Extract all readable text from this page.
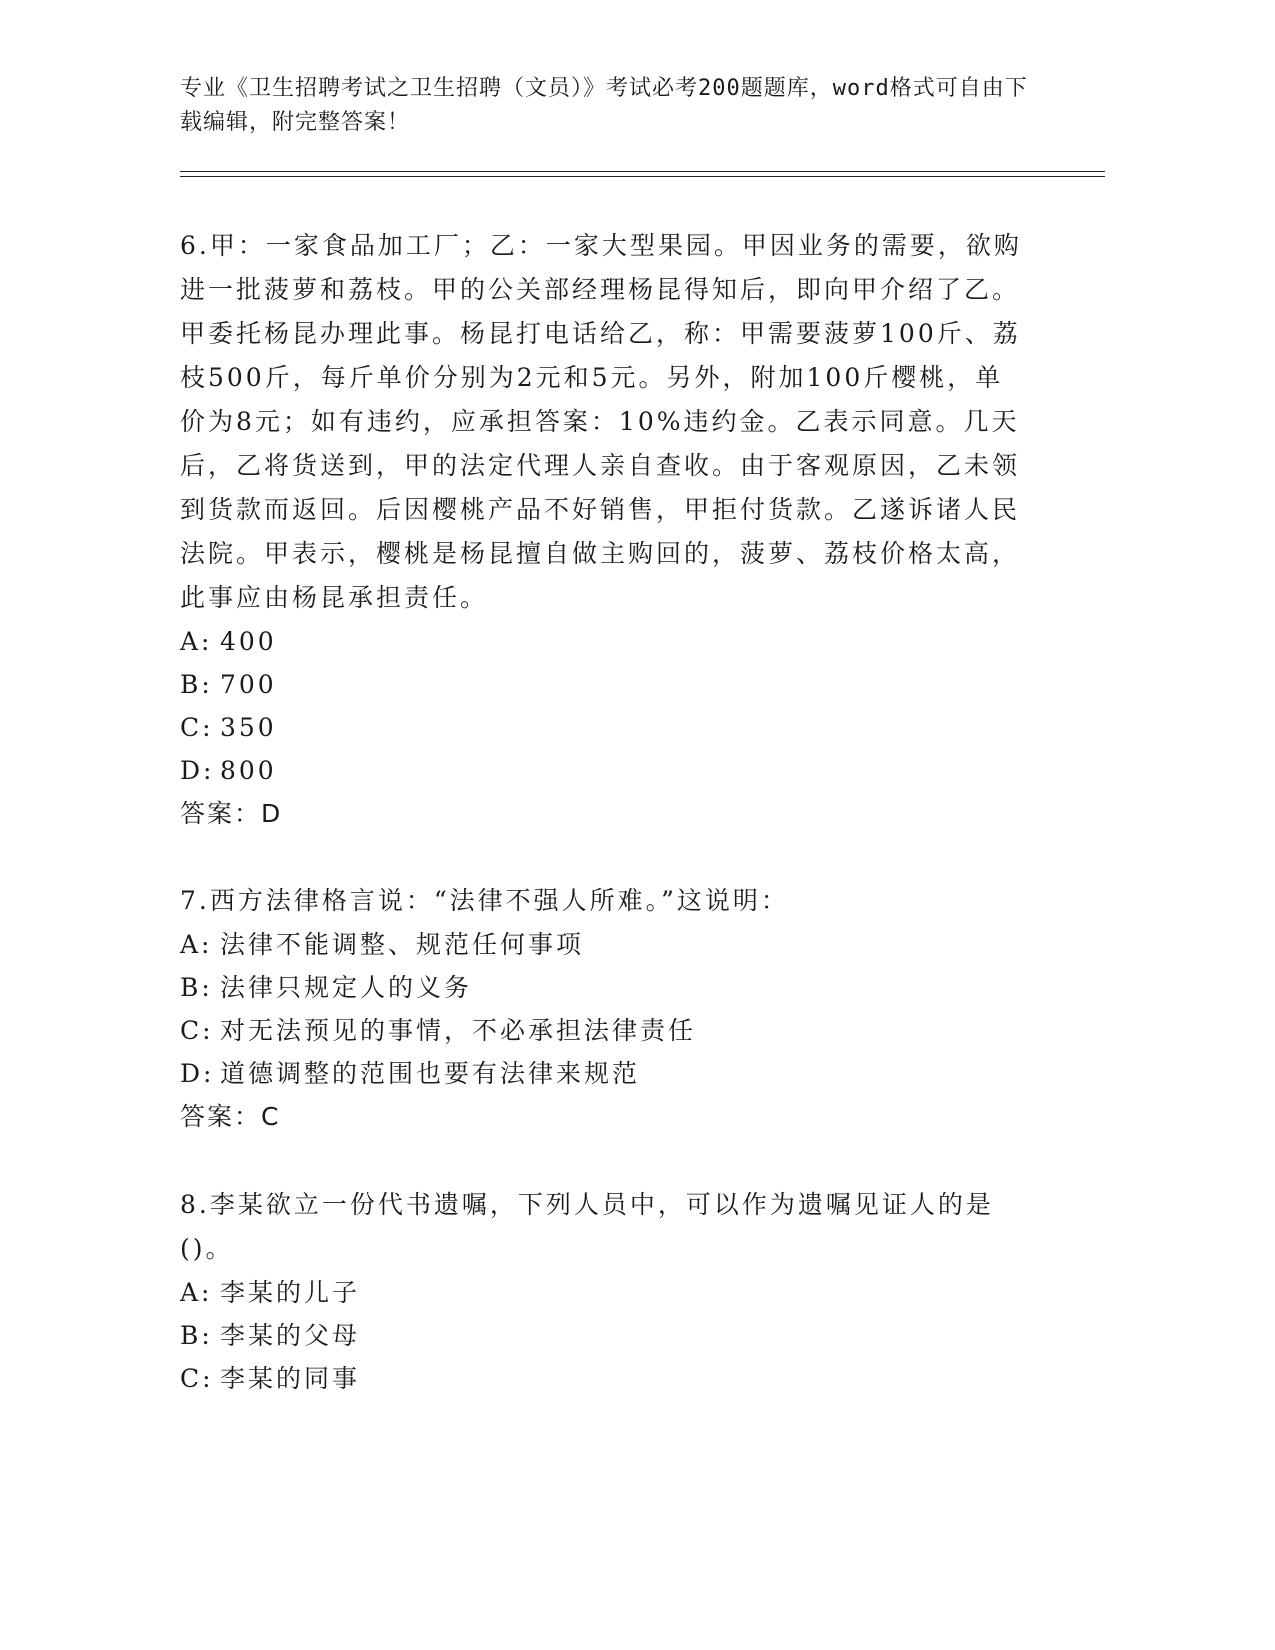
专业《卫生招聘考试之卫生招聘（文员）》考试必考200题题库，word格式可自由下载编辑，附完整答案！

6.甲：一家食品加工厂；乙：一家大型果园。甲因业务的需要，欲购进一批菠萝和荔枝。甲的公关部经理杨昆得知后，即向甲介绍了乙。甲委托杨昆办理此事。杨昆打电话给乙，称：甲需要菠萝100斤、荔枝500斤，每斤单价分别为2元和5元。另外，附加100斤樱桃，单价为8元；如有违约，应承担答案：10%违约金。乙表示同意。几天后，乙将货送到，甲的法定代理人亲自查收。由于客观原因，乙未领到货款而返回。后因樱桃产品不好销售，甲拒付货款。乙遂诉诸人民法院。甲表示，樱桃是杨昆擅自做主购回的，菠萝、荔枝价格太高，此事应由杨昆承担责任。

A: 400

B: 700

C: 350

D: 800

答案：D

7.西方法律格言说：“法律不强人所难。”这说明：

A: 法律不能调整、规范任何事项

B: 法律只规定人的义务

C: 对无法预见的事情，不必承担法律责任

D: 道德调整的范围也要有法律来规范

答案：C

8.李某欲立一份代书遗嘱，下列人员中，可以作为遗嘱见证人的是()。

A: 李某的儿子

B: 李某的父母

C: 李某的同事
